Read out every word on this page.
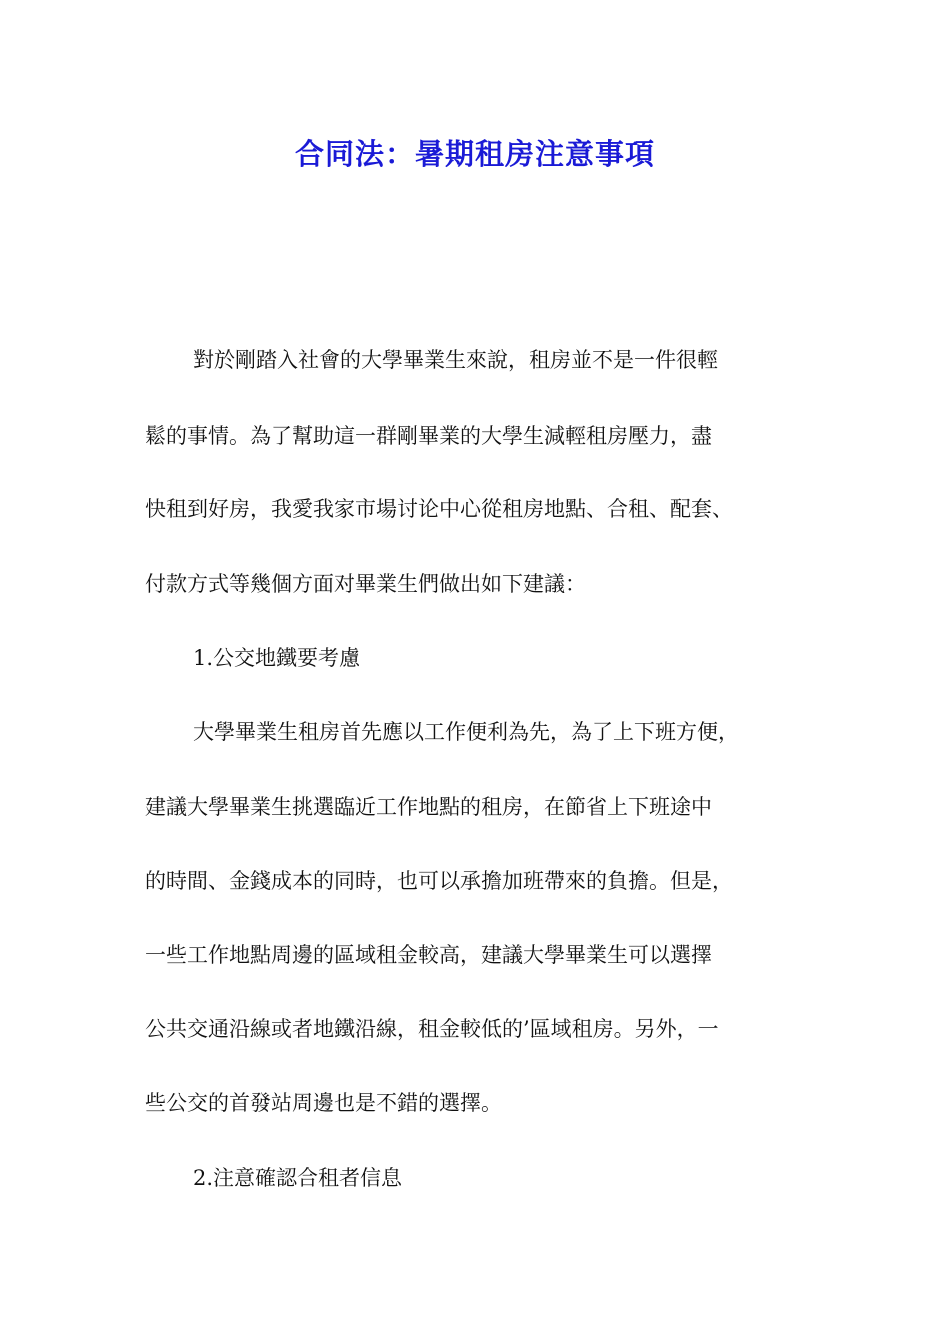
合同法：暑期租房注意事項

對於剛踏入社會的大學畢業生來說，租房並不是一件很輕

鬆的事情。為了幫助這一群剛畢業的大學生減輕租房壓力，盡

快租到好房，我愛我家市場讨论中心從租房地點、合租、配套、

付款方式等幾個方面对畢業生們做出如下建議：

1.公交地鐵要考慮

大學畢業生租房首先應以工作便利為先，為了上下班方便，

建議大學畢業生挑選臨近工作地點的租房，在節省上下班途中

的時間、金錢成本的同時，也可以承擔加班帶來的負擔。但是，

一些工作地點周邊的區域租金較高，建議大學畢業生可以選擇

公共交通沿線或者地鐵沿線，租金較低的’區域租房。另外，一

些公交的首發站周邊也是不錯的選擇。

2.注意確認合租者信息
